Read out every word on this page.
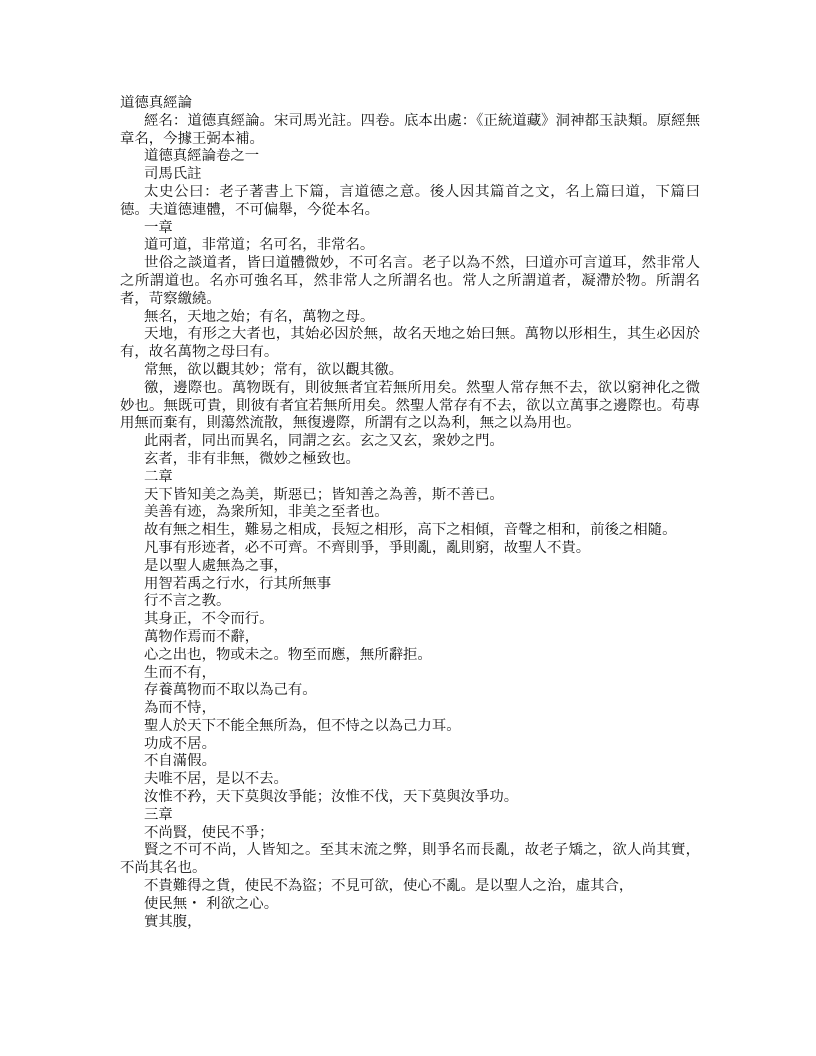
道德真經論

經名：道德真經論。宋司馬光註。四卷。底本出處：《正統道藏》洞神都玉訣類。原經無章名，今據王弼本補。

道德真經論卷之一

司馬氏註

太史公曰：老子著書上下篇，言道德之意。後人因其篇首之文，名上篇曰道，下篇曰德。夫道德連體，不可偏舉，今從本名。

一章

道可道，非常道；名可名，非常名。

世俗之談道者，皆曰道體微妙，不可名言。老子以為不然，曰道亦可言道耳，然非常人之所謂道也。名亦可強名耳，然非常人之所謂名也。常人之所謂道者，凝滯於物。所謂名者，苛察繳繞。

無名，天地之始；有名，萬物之母。

天地，有形之大者也，其始必因於無，故名天地之始曰無。萬物以形相生，其生必因於有，故名萬物之母曰有。

常無，欲以觀其妙；常有，欲以觀其徼。

徼，邊際也。萬物既有，則彼無者宜若無所用矣。然聖人常存無不去，欲以窮神化之微妙也。無既可貴，則彼有者宜若無所用矣。然聖人常存有不去，欲以立萬事之邊際也。苟專用無而棄有，則蕩然流散，無復邊際，所謂有之以為利，無之以為用也。

此兩者，同出而異名，同謂之玄。玄之又玄，衆妙之門。

玄者，非有非無，微妙之極致也。

二章

天下皆知美之為美，斯惡已；皆知善之為善，斯不善已。

美善有迹，為衆所知，非美之至者也。

故有無之相生，難易之相成，長短之相形，高下之相傾，音聲之相和，前後之相隨。

凡事有形迹者，必不可齊。不齊則爭，爭則亂，亂則窮，故聖人不貴。

是以聖人處無為之事，

用智若禹之行水，行其所無事

行不言之教。

其身正，不令而行。

萬物作焉而不辭，

心之出也，物或未之。物至而應，無所辭拒。

生而不有，

存養萬物而不取以為己有。

為而不恃，

聖人於天下不能全無所為，但不恃之以為己力耳。

功成不居。

不自滿假。

夫唯不居，是以不去。

汝惟不矜，天下莫與汝爭能；汝惟不伐，天下莫與汝爭功。

三章

不尚賢，使民不爭；

賢之不可不尚，人皆知之。至其末流之弊，則爭名而長亂，故老子矯之，欲人尚其實，不尚其名也。

不貴難得之貨，使民不為盜；不見可欲，使心不亂。是以聖人之治，虛其合，

使民無・ 利欲之心。

實其腹，
